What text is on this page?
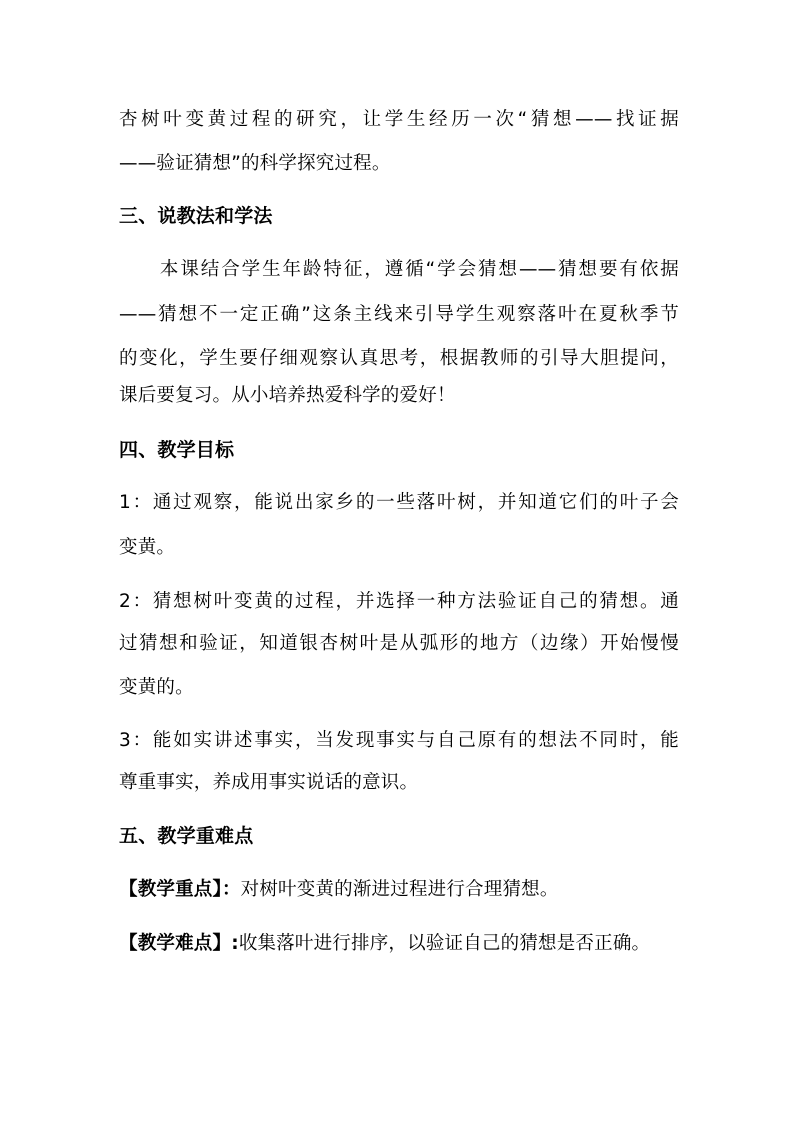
杏树叶变黄过程的研究，让学生经历一次“猜想——找证据
——验证猜想”的科学探究过程。
三、说教法和学法
　　本课结合学生年龄特征，遵循“学会猜想——猜想要有依据
——猜想不一定正确”这条主线来引导学生观察落叶在夏秋季节
的变化，学生要仔细观察认真思考，根据教师的引导大胆提问，
课后要复习。从小培养热爱科学的爱好！
四、教学目标
1：通过观察，能说出家乡的一些落叶树，并知道它们的叶子会
变黄。
2：猜想树叶变黄的过程，并选择一种方法验证自己的猜想。通
过猜想和验证，知道银杏树叶是从弧形的地方（边缘）开始慢慢
变黄的。
3：能如实讲述事实，当发现事实与自己原有的想法不同时，能
尊重事实，养成用事实说话的意识。
五、教学重难点
【教学重点】：对树叶变黄的渐进过程进行合理猜想。
【教学难点】:收集落叶进行排序，以验证自己的猜想是否正确。
